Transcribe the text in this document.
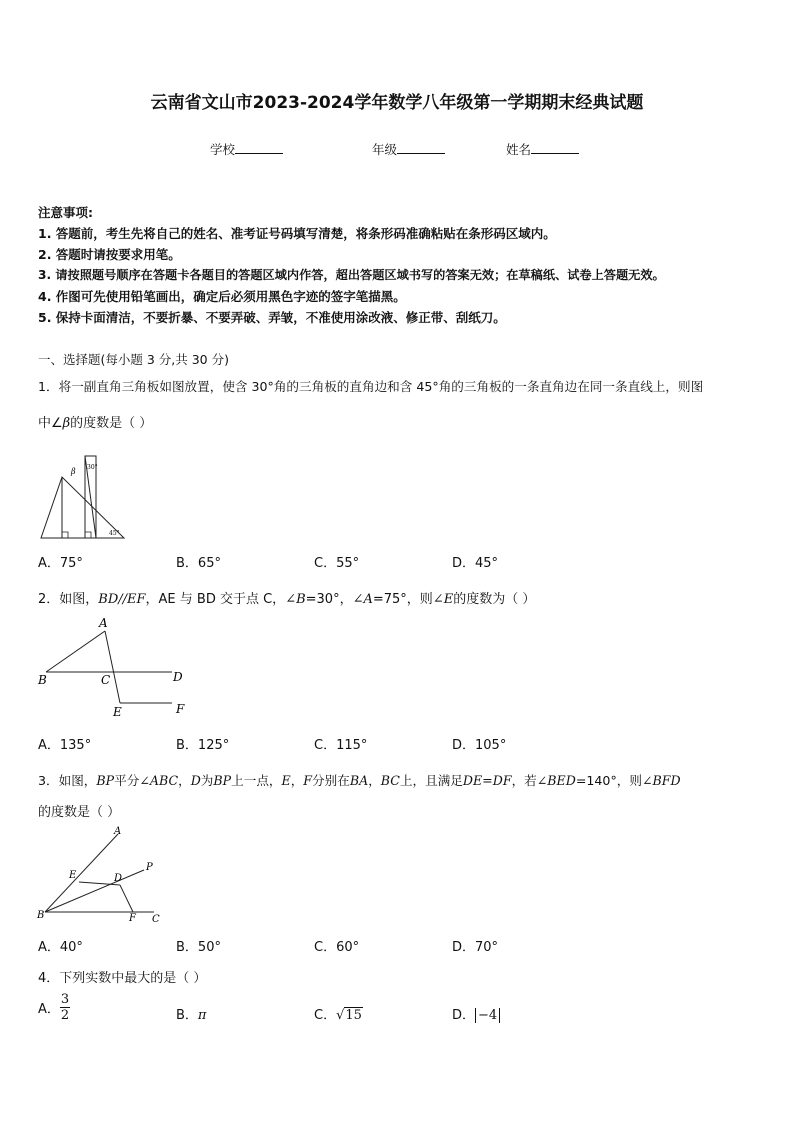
云南省文山市2023-2024学年数学八年级第一学期期末经典试题
学校	年级	姓名
注意事项:
1. 答题前，考生先将自己的姓名、准考证号码填写清楚，将条形码准确粘贴在条形码区域内。
2. 答题时请按要求用笔。
3. 请按照题号顺序在答题卡各题目的答题区域内作答，超出答题区域书写的答案无效；在草稿纸、试卷上答题无效。
4. 作图可先使用铅笔画出，确定后必须用黑色字迹的签字笔描黑。
5. 保持卡面清洁，不要折暴、不要弄破、弄皱，不准使用涂改液、修正带、刮纸刀。
一、选择题(每小题 3 分,共 30 分)
1．将一副直角三角板如图放置，使含 30°角的三角板的直角边和含 45°角的三角板的一条直角边在同一条直线上，则图
中∠β的度数是（ ）
β 30°
45°
A．75°	B．65°	C．55°	D．45°
2．如图，BD//EF，AE 与 BD 交于点 C，∠B=30°，∠A=75°，则∠E的度数为（ ）
A
B	C	D
E	F
A．135°	B．125°	C．115°	D．105°
3．如图，BP平分∠ABC，D为BP上一点，E，F分别在BA，BC上，且满足DE=DF，若∠BED=140°，则∠BFD
的度数是（ ）
A
E	D
P
B	F C
A．40°	B．50°	C．60°	D．70°
4．下列实数中最大的是（ ）
A． $\frac{3}{2}$	B．π	C．√15	D． −4
